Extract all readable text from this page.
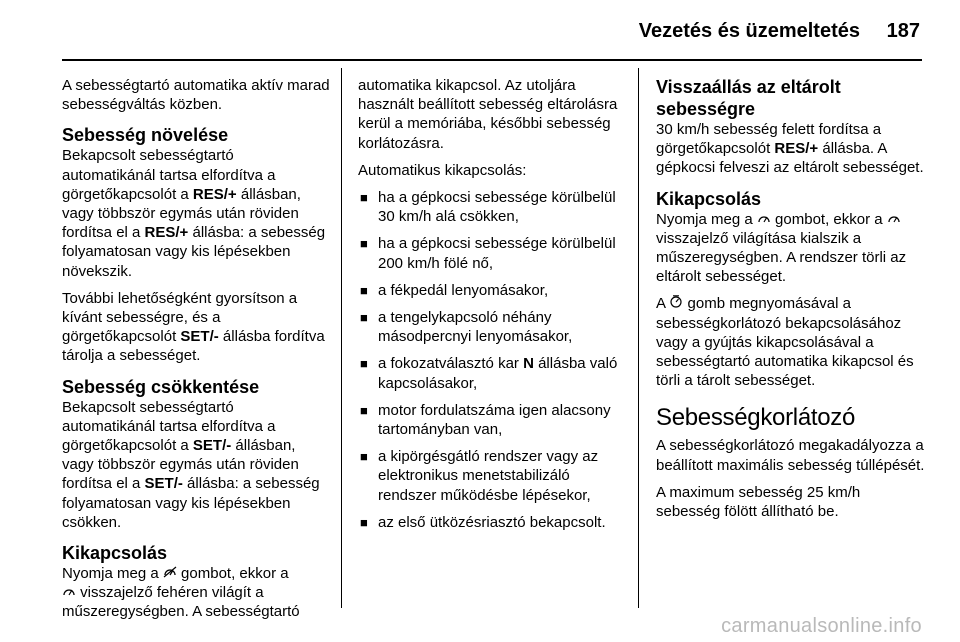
Vezetés és üzemeltetés 187

A sebességtartó automatika aktív marad sebességváltás közben.

Sebesség növelése

Bekapcsolt sebességtartó automatikánál tartsa elfordítva a görgetőkapcsolót a RES/+ állásban, vagy többször egymás után röviden fordítsa el a RES/+ állásba: a sebesség folyamatosan vagy kis lépésekben növekszik.

További lehetőségként gyorsítson a kívánt sebességre, és a görgetőkapcsolót SET/- állásba fordítva tárolja a sebességet.

Sebesség csökkentése

Bekapcsolt sebességtartó automatikánál tartsa elfordítva a görgetőkapcsolót a SET/- állásban, vagy többször egymás után röviden fordítsa el a SET/- állásba: a sebesség folyamatosan vagy kis lépésekben csökken.

Kikapcsolás

Nyomja meg a  gombot, ekkor a
visszajelző fehéren világít a műszeregységben. A sebességtartó

automatika kikapcsol. Az utoljára használt beállított sebesség eltárolásra kerül a memóriába, későbbi sebesség korlátozásra.

Automatikus kikapcsolás:

■ ha a gépkocsi sebessége körülbelül 30 km/h alá csökken,
■ ha a gépkocsi sebessége körülbelül 200 km/h fölé nő,
■ a fékpedál lenyomásakor,
■ a tengelykapcsoló néhány másodpercnyi lenyomásakor,
■ a fokozatválasztó kar N állásba való kapcsolásakor,
■ motor fordulatszáma igen alacsony tartományban van,
■ a kipörgésgátló rendszer vagy az elektronikus menetstabilizáló rendszer működésbe lépésekor,
■ az első ütközésriasztó bekapcsolt.
Visszaállás az eltárolt sebességre

30 km/h sebesség felett fordítsa a görgetőkapcsolót RES/+ állásba. A gépkocsi felveszi az eltárolt sebességet.

Kikapcsolás

Nyomja meg a  gombot, ekkor a  visszajelző világítása kialszik a műszeregységben. A rendszer törli az eltárolt sebességet.

A  gomb megnyomásával a sebességkorlátozó bekapcsolásához vagy a gyújtás kikapcsolásával a sebességtartó automatika kikapcsol és törli a tárolt sebességet.

Sebességkorlátozó

A sebességkorlátozó megakadályozza a beállított maximális sebesség túllépését.

A maximum sebesség 25 km/h sebesség fölött állítható be.

carmanualsonline.info
